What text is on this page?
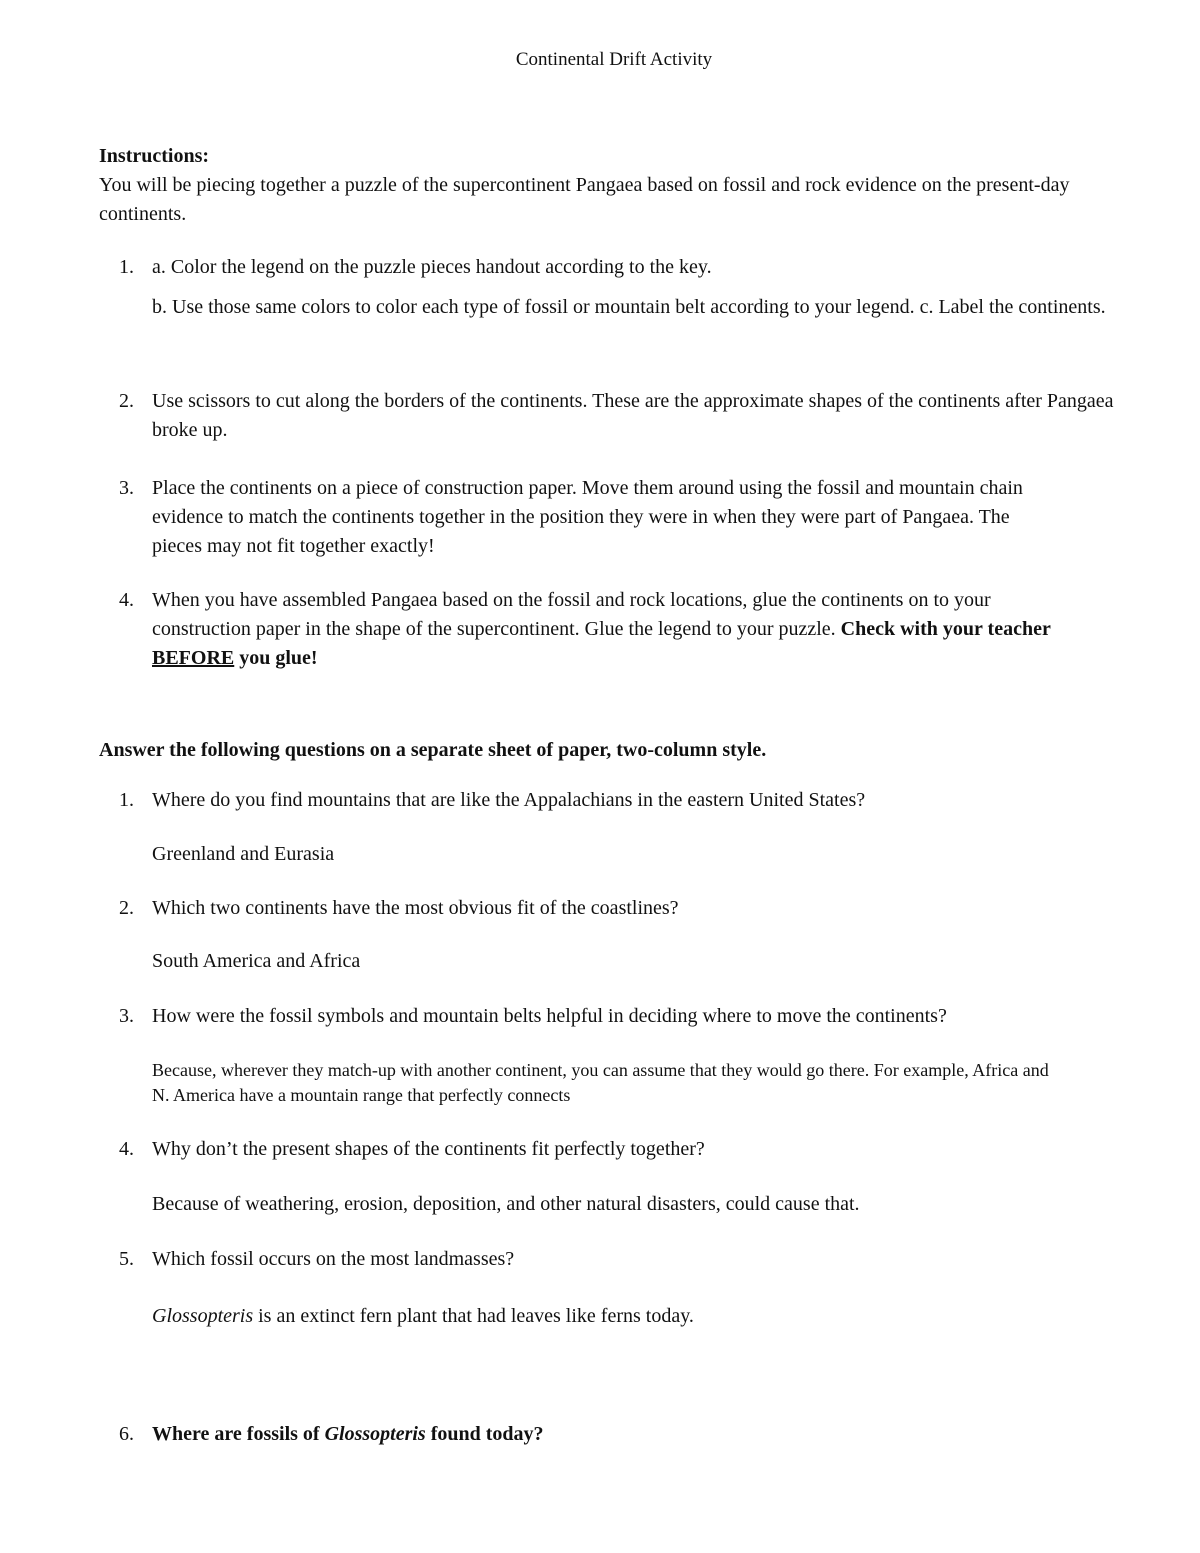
Continental Drift Activity
Instructions:
You will be piecing together a puzzle of the supercontinent Pangaea based on fossil and rock evidence on the present-day continents.
1. a. Color the legend on the puzzle pieces handout according to the key.
b. Use those same colors to color each type of fossil or mountain belt according to your legend. c. Label the continents.
2. Use scissors to cut along the borders of the continents. These are the approximate shapes of the continents after Pangaea broke up.
3. Place the continents on a piece of construction paper. Move them around using the fossil and mountain chain evidence to match the continents together in the position they were in when they were part of Pangaea. The pieces may not fit together exactly!
4. When you have assembled Pangaea based on the fossil and rock locations, glue the continents on to your construction paper in the shape of the supercontinent. Glue the legend to your puzzle. Check with your teacher BEFORE you glue!
Answer the following questions on a separate sheet of paper, two-column style.
1. Where do you find mountains that are like the Appalachians in the eastern United States?
Greenland and Eurasia
2. Which two continents have the most obvious fit of the coastlines?
South America and Africa
3. How were the fossil symbols and mountain belts helpful in deciding where to move the continents?
Because, wherever they match-up with another continent, you can assume that they would go there. For example, Africa and N. America have a mountain range that perfectly connects
4. Why don’t the present shapes of the continents fit perfectly together?
Because of weathering, erosion, deposition, and other natural disasters, could cause that.
5. Which fossil occurs on the most landmasses?
Glossopteris is an extinct fern plant that had leaves like ferns today.
6. Where are fossils of Glossopteris found today?
